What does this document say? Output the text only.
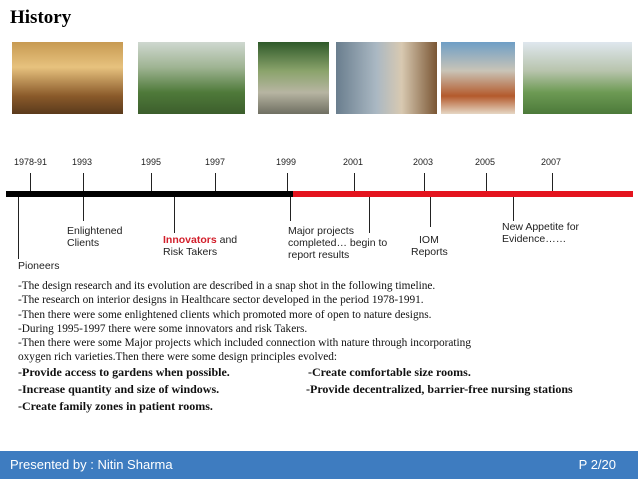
History
1978-91	1993	1995	1997	1999	2001	2003	2005	2007
Pioneers
Enlightened
Clients	Innovators and
Risk Takers
Major projects
completed… begin to
report results
IOM
Reports
New Appetite for
Evidence……

-The design research and its evolution are described in a snap shot in the following timeline.

-The research on interior designs in Healthcare sector developed in the period 1978-1991.

-Then there were some enlightened clients which promoted more of open to nature designs.

-During 1995-1997 there were some innovators and risk Takers.

-Then there were some Major projects which included connection with nature through incorporating

oxygen rich varieties.Then there were some design principles evolved:

-Provide access to gardens when possible.	-Create comfortable size rooms.
-Increase quantity and size of windows.	-Provide decentralized, barrier-free nursing stations
-Create family zones in patient rooms.
Presented by : Nitin Sharma	P 2/20
